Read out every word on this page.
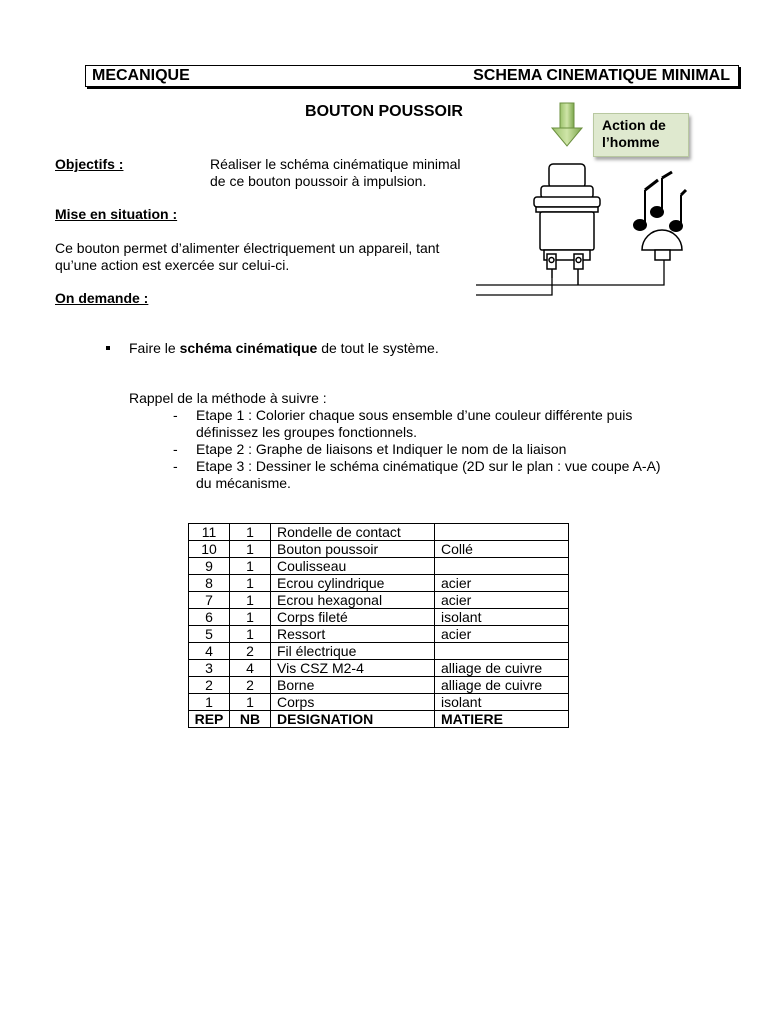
MECANIQUE	SCHEMA CINEMATIQUE MINIMAL
BOUTON POUSSOIR
Objectifs :	Réaliser le schéma cinématique minimal
de ce bouton poussoir à impulsion.
Mise en situation :
Ce bouton permet d’alimenter électriquement un appareil, tant
qu’une action est exercée sur celui-ci.
On demande :
Faire le schéma cinématique de tout le système.
Rappel de la méthode à suivre :
- Etape 1 : Colorier chaque sous ensemble d’une couleur différente puis
définissez les groupes fonctionnels.
- Etape 2 : Graphe de liaisons et Indiquer le nom de la liaison
- Etape 3 : Dessiner le schéma cinématique (2D sur le plan : vue coupe A-A)
du mécanisme.
Action de
l’homme
11	1	Rondelle de contact	
10	1	Bouton poussoir	Collé
9	1	Coulisseau	
8	1	Ecrou cylindrique	acier
7	1	Ecrou hexagonal	acier
6	1	Corps fileté	isolant
5	1	Ressort	acier
4	2	Fil électrique	
3	4	Vis CSZ M2-4	alliage de cuivre
2	2	Borne	alliage de cuivre
1	1	Corps	isolant
REP	NB	DESIGNATION	MATIERE
